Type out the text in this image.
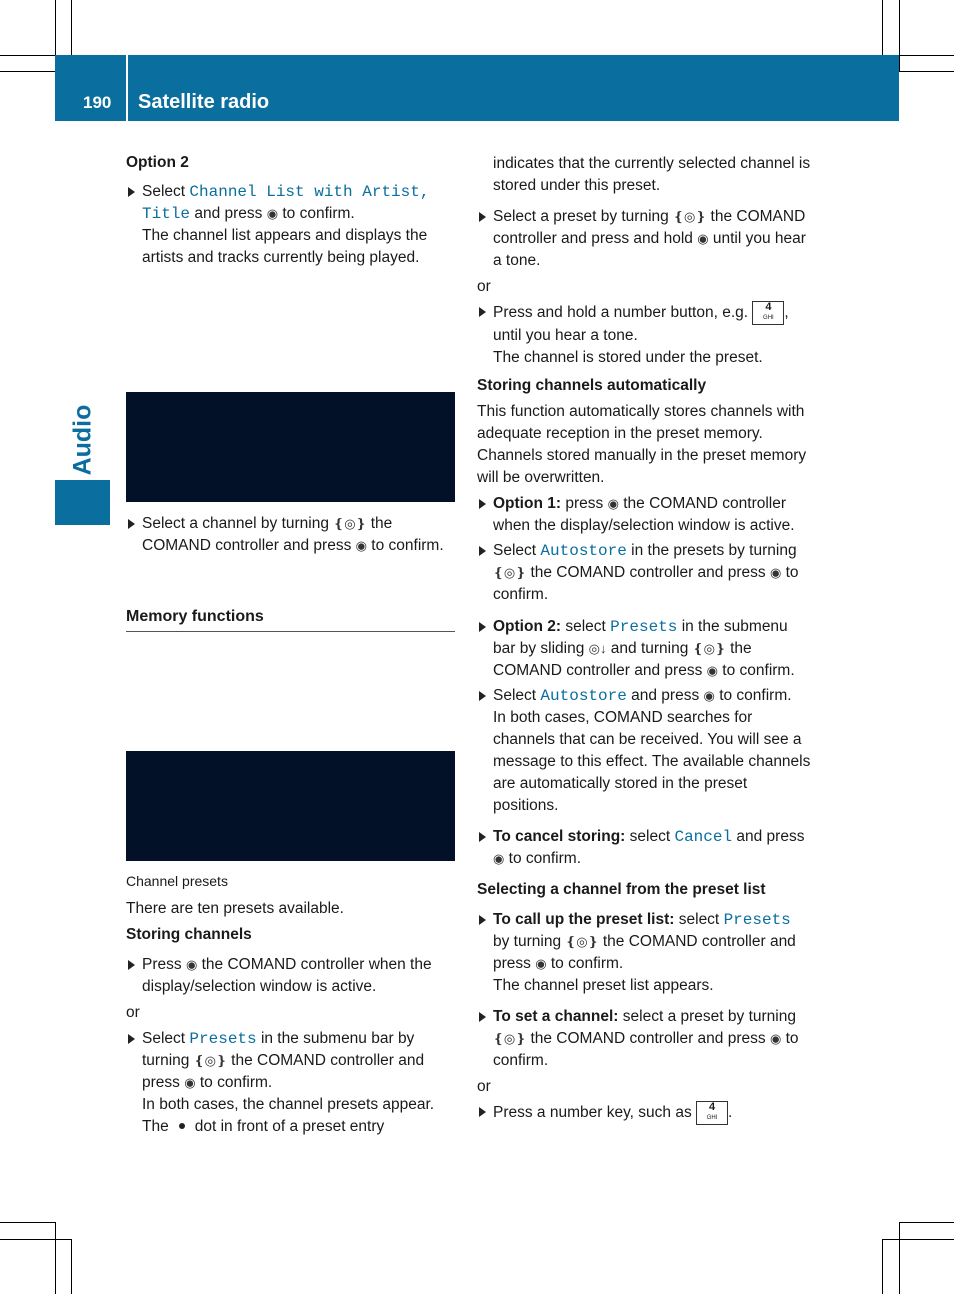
190 Satellite radio
Audio

Option 2

Select Channel List with Artist, Title and press ◉ to confirm.

The channel list appears and displays the artists and tracks currently being played.

Select a channel by turning ❴◎❵ the COMAND controller and press ◉ to confirm.

Memory functions

Channel presets

There are ten presets available.

Storing channels

Press ◉ the COMAND controller when the display/selection window is active.

or

Select Presets in the submenu bar by turning ❴◎❵ the COMAND controller and press ◉ to confirm.

In both cases, the channel presets appear. The dot in front of a preset entry

indicates that the currently selected channel is stored under this preset.

Select a preset by turning ❴◎❵ the COMAND controller and press and hold ◉ until you hear a tone.

or

Press and hold a number button, e.g.	4
GHI , until you hear a tone.

The channel is stored under the preset.

Storing channels automatically

This function automatically stores channels with adequate reception in the preset memory. Channels stored manually in the preset memory will be overwritten.

Option 1: press ◉ the COMAND controller when the display/selection window is active.

Select Autostore in the presets by turning ❴◎❵ the COMAND controller and press ◉ to confirm.

Option 2: select Presets in the submenu bar by sliding ◎↓ and turning ❴◎❵ the COMAND controller and press ◉ to confirm.

Select Autostore and press ◉ to confirm.

In both cases, COMAND searches for channels that can be received. You will see a message to this effect. The available channels are automatically stored in the preset positions.

To cancel storing: select Cancel and press ◉ to confirm.

Selecting a channel from the preset list

To call up the preset list: select Presets by turning ❴◎❵ the COMAND controller and press ◉ to confirm.

The channel preset list appears.

To set a channel: select a preset by turning ❴◎❵ the COMAND controller and press ◉ to confirm.

or

Press a number key, such as	4
GHI .
